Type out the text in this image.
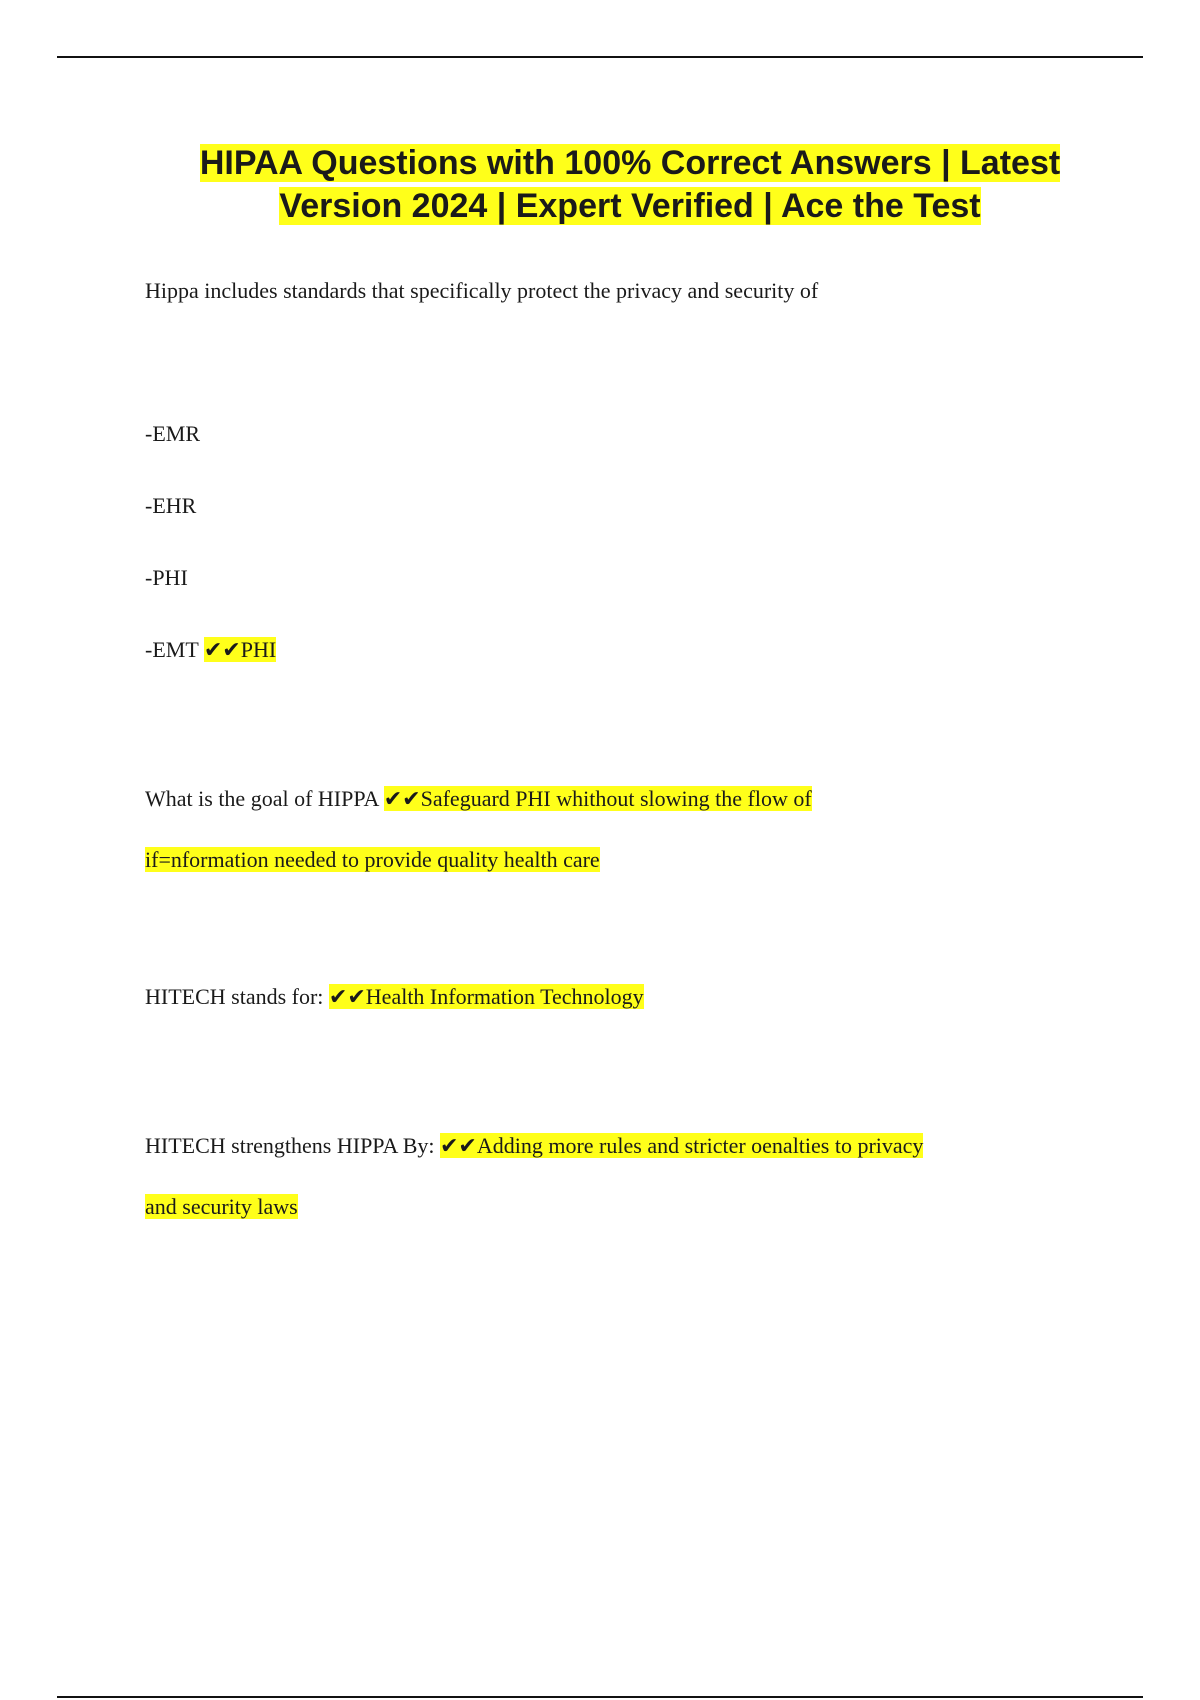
HIPAA Questions with 100% Correct Answers | Latest
Version 2024 | Expert Verified | Ace the Test
Hippa includes standards that specifically protect the privacy and security of
-EMR
-EHR
-PHI
-EMT ✔✔PHI
What is the goal of HIPPA ✔✔Safeguard PHI whithout slowing the flow of
if=nformation needed to provide quality health care
HITECH stands for: ✔✔Health Information Technology
HITECH strengthens HIPPA By: ✔✔Adding more rules and stricter oenalties to privacy
and security laws
